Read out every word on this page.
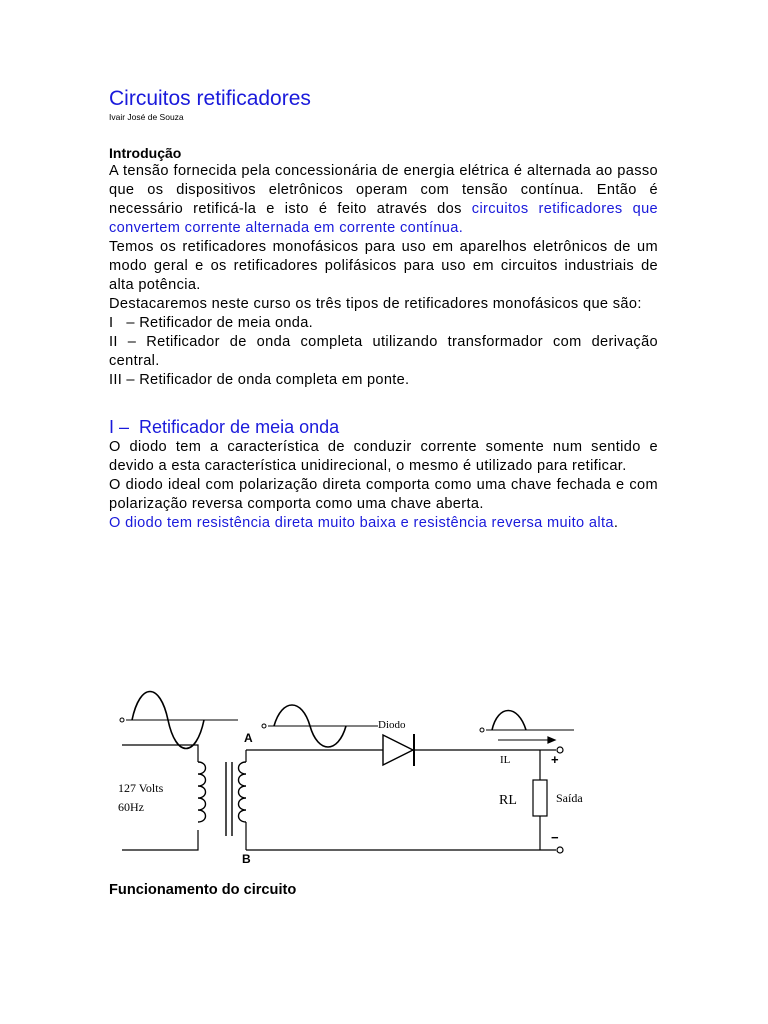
Circuitos retificadores

Ivair José de Souza

Introdução

A tensão fornecida pela concessionária de energia elétrica é alternada ao passo que os dispositivos eletrônicos operam com tensão contínua. Então é necessário retificá-la e isto é feito através dos circuitos retificadores que convertem corrente alternada em corrente contínua.

Temos os retificadores monofásicos para uso em aparelhos eletrônicos de um modo geral e os retificadores polifásicos para uso em circuitos industriais de alta potência.

Destacaremos neste curso os três tipos de retificadores monofásicos que são:

I   – Retificador de meia onda.

II – Retificador de onda completa utilizando transformador com derivação central.

III – Retificador de onda completa em ponte.

I –  Retificador de meia onda

O diodo tem a característica de conduzir corrente somente num sentido e devido a esta característica unidirecional, o mesmo é utilizado para retificar.

O diodo ideal com polarização direta comporta como uma chave fechada e com polarização reversa comporta como uma chave aberta.

O diodo tem resistência direta muito baixa e resistência reversa muito alta.

127 Volts
60Hz
Diodo
IL
RL	Saída
A
B
+
−
Funcionamento do circuito
